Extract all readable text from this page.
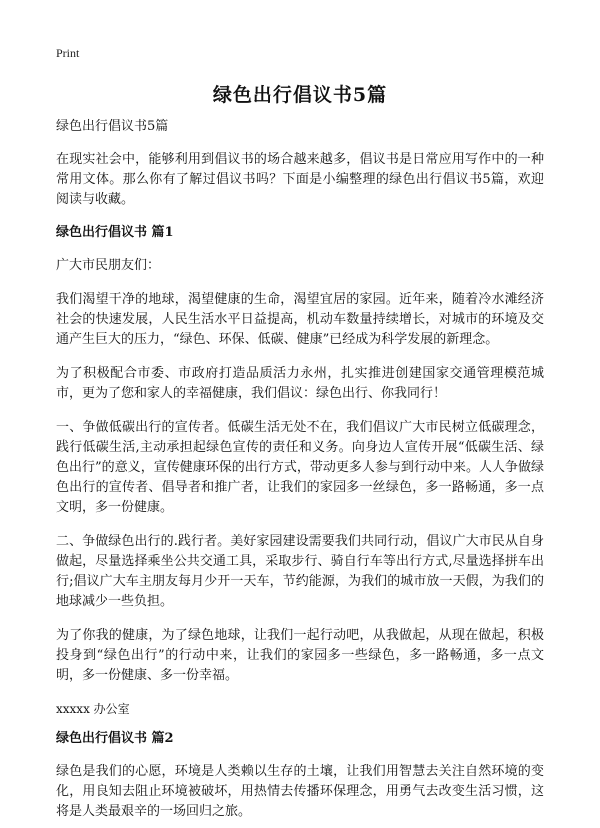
Print
绿色出行倡议书5篇
绿色出行倡议书5篇

在现实社会中，能够利用到倡议书的场合越来越多，倡议书是日常应用写作中的一种常用文体。那么你有了解过倡议书吗？下面是小编整理的绿色出行倡议书5篇，欢迎阅读与收藏。

绿色出行倡议书 篇1

广大市民朋友们：

我们渴望干净的地球，渴望健康的生命，渴望宜居的家园。近年来，随着冷水滩经济社会的快速发展，人民生活水平日益提高，机动车数量持续增长，对城市的环境及交通产生巨大的压力，“绿色、环保、低碳、健康”已经成为科学发展的新理念。

为了积极配合市委、市政府打造品质活力永州，扎实推进创建国家交通管理模范城市，更为了您和家人的幸福健康，我们倡议：绿色出行、你我同行！

一、争做低碳出行的宣传者。低碳生活无处不在，我们倡议广大市民树立低碳理念，践行低碳生活,主动承担起绿色宣传的责任和义务。向身边人宣传开展“低碳生活、绿色出行”的意义，宣传健康环保的出行方式，带动更多人参与到行动中来。人人争做绿色出行的宣传者、倡导者和推广者，让我们的家园多一丝绿色，多一路畅通，多一点文明，多一份健康。

二、争做绿色出行的.践行者。美好家园建设需要我们共同行动，倡议广大市民从自身做起，尽量选择乘坐公共交通工具，采取步行、骑自行车等出行方式,尽量选择拼车出行;倡议广大车主朋友每月少开一天车，节约能源，为我们的城市放一天假，为我们的地球减少一些负担。

为了你我的健康，为了绿色地球，让我们一起行动吧，从我做起，从现在做起，积极投身到“绿色出行”的行动中来，让我们的家园多一些绿色，多一路畅通，多一点文明，多一份健康、多一份幸福。

xxxxx 办公室
绿色出行倡议书 篇2

绿色是我们的心愿，环境是人类赖以生存的土壤，让我们用智慧去关注自然环境的变化，用良知去阻止环境被破坏，用热情去传播环保理念，用勇气去改变生活习惯，这将是人类最艰辛的一场回归之旅。
